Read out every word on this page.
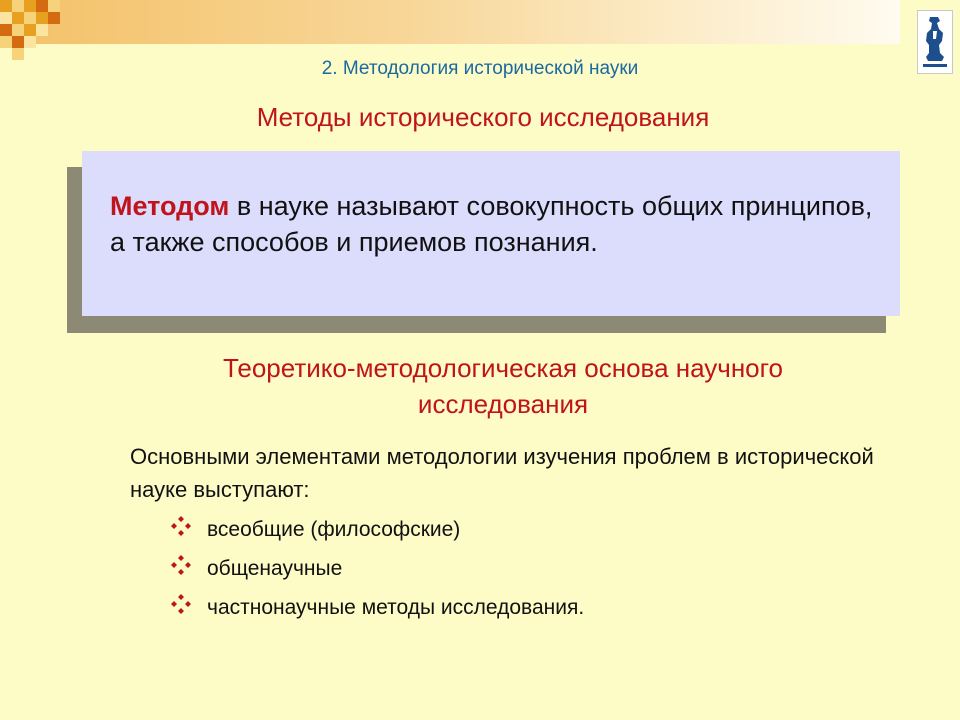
2. Методология исторической науки
Методы исторического исследования
Методом в науке называют совокупность общих принципов, а также способов и приемов познания.
Теоретико-методологическая основа научного исследования
Основными элементами методологии изучения проблем в исторической науке выступают:
всеобщие (философские)
общенаучные
частнонаучные методы исследования.
